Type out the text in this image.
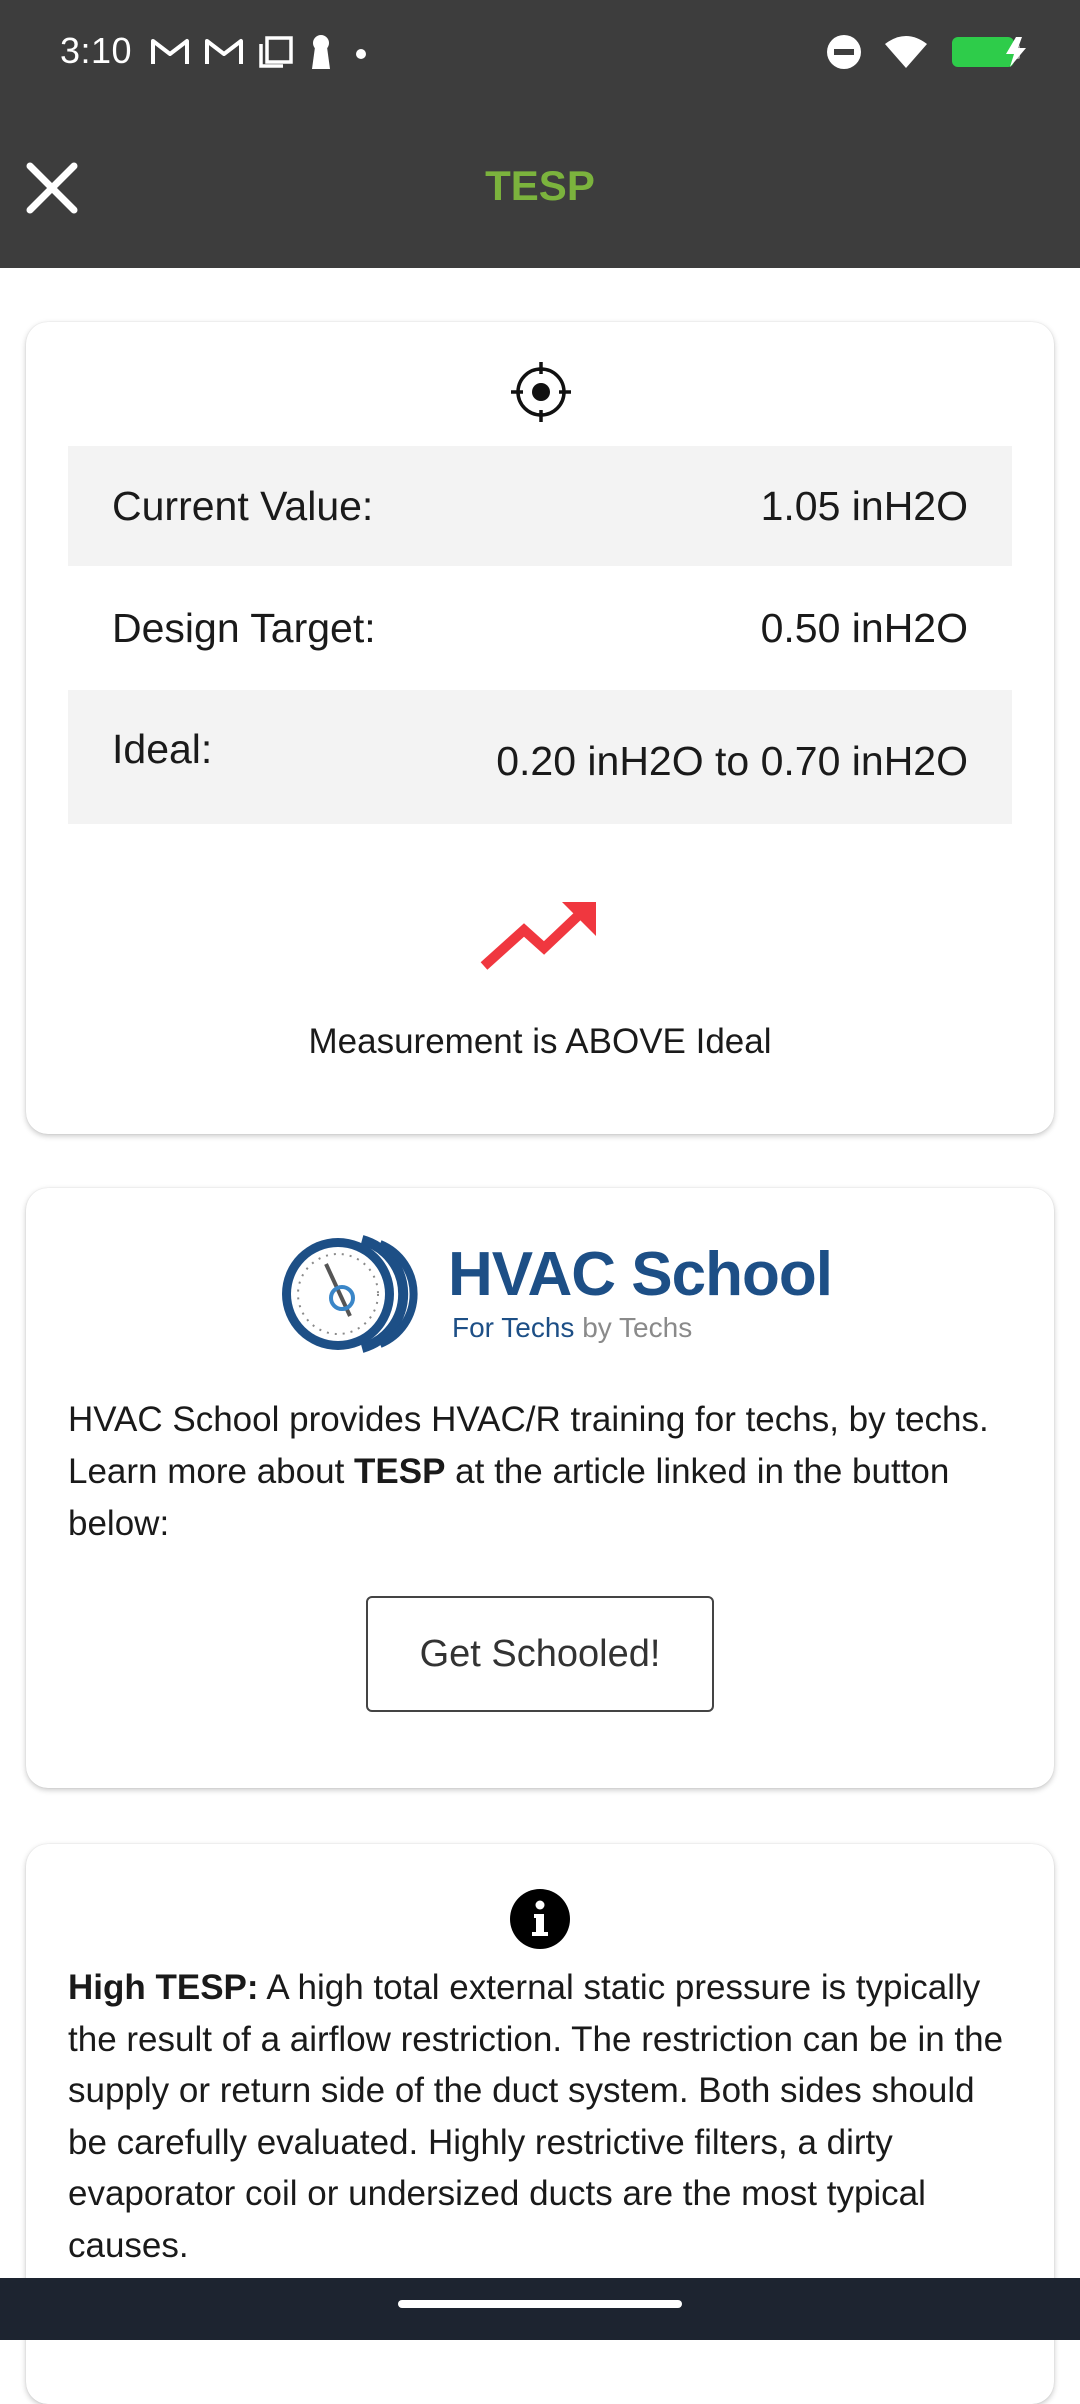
3:10
TESP
Current Value:	1.05 inH2O
Design Target:	0.50 inH2O
Ideal:	0.20 inH2O to 0.70 inH2O
Measurement is ABOVE Ideal
HVAC School
For Techs by Techs
HVAC School provides HVAC/R training for techs, by techs. Learn more about TESP at the article linked in the button below:
Get Schooled!
High TESP: A high total external static pressure is typically the result of a airflow restriction. The restriction can be in the supply or return side of the duct system. Both sides should be carefully evaluated. Highly restrictive filters, a dirty evaporator coil or undersized ducts are the most typical causes.
